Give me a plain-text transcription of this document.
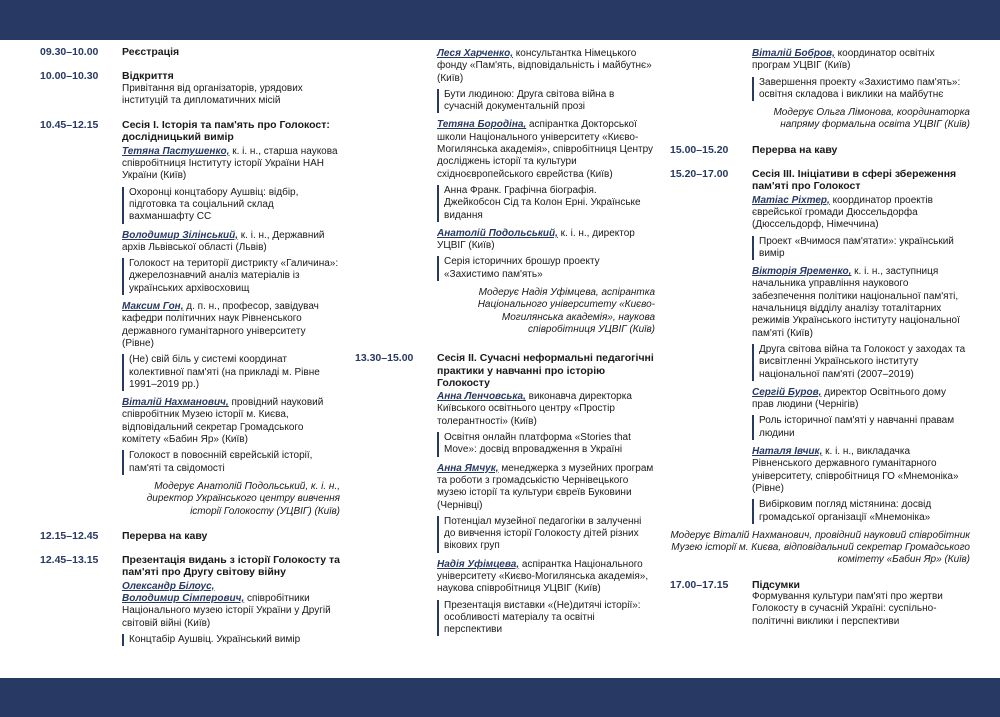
09.30–10.00 Реєстрація
10.00–10.30 Відкриття
Привітання від організаторів, урядових інституцій та дипломатичних місій
10.45–12.15 Сесія І. Історія та пам'ять про Голокост: дослідницький вимір
Тетяна Пастушенко, к. і. н., старша наукова співробітниця Інституту історії України НАН України (Київ)
Охоронці концтабору Аушвіц: відбір, підготовка та соціальний склад вахманшафту СС
Володимир Зілінський, к. і. н., Державний архів Львівської області (Львів)
Голокост на території дистрикту «Галичина»: джерелознавчий аналіз матеріалів із українських архівосховищ
Максим Гон, д. п. н., професор, завідувач кафедри політичних наук Рівненського державного гуманітарного університету (Рівне)
(Не) свій біль у системі координат колективної пам'яті (на прикладі м. Рівне 1991–2019 рр.)
Віталій Нахманович, провідний науковий співробітник Музею історії м. Києва, відповідальний секретар Громадського комітету «Бабин Яр» (Київ)
Голокост в повоєнній єврейській історії, пам'яті та свідомості
Модерує Анатолій Подольський, к. і. н., директор Українського центру вивчення історії Голокосту (УЦВІГ) (Київ)
12.15–12.45 Перерва на каву
12.45–13.15 Презентація видань з історії Голокосту та пам'яті про Другу світову війну
Олександр Білоус,
Володимир Сімперович, співробітники Національного музею історії України у Другій світовій війні (Київ)
Концтабір Аушвіц. Український вимір
Леся Харченко, консультантка Німецького фонду «Пам'ять, відповідальність і майбутнє» (Київ)
Бути людиною: Друга світова війна в сучасній документальній прозі
Тетяна Бородіна, аспірантка Докторської школи Національного університету «Києво-Могилянська академія», співробітниця Центру досліджень історії та культури східноєвропейського єврейства (Київ)
Анна Франк. Графічна біографія. Джейкобсон Сід та Колон Ерні. Українське видання
Анатолій Подольський, к. і. н., директор УЦВІГ (Київ)
Серія історичних брошур проекту «Захистимо пам'ять»
Модерує Надія Уфімцева, аспірантка Національного університету «Києво-Могилянська академія», наукова співробітниця УЦВІГ (Київ)
13.30–15.00 Сесія ІІ. Сучасні неформальні педагогічні практики у навчанні про історію Голокосту
Анна Ленчовська, виконавча директорка Київського освітнього центру «Простір толерантності» (Київ)
Освітня онлайн платформа «Stories that Move»: досвід впровадження в Україні
Анна Ямчук, менеджерка з музейних програм та роботи з громадськістю Чернівецького музею історії та культури євреїв Буковини (Чернівці)
Потенціал музейної педагогіки в залученні до вивчення історії Голокосту дітей різних вікових груп
Надія Уфімцева, аспірантка Національного університету «Києво-Могилянська академія», наукова співробітниця УЦВІГ (Київ)
Презентація виставки «(Не)дитячі історії»: особливості матеріалу та освітні перспективи
Віталій Бобров, координатор освітніх програм УЦВІГ (Київ)
Завершення проекту «Захистимо пам'ять»: освітня складова і виклики на майбутнє
Модерує Ольга Лімонова, координаторка напряму формальна освіта УЦВІГ (Київ)
15.00–15.20 Перерва на каву
15.20–17.00 Сесія ІІІ. Ініціативи в сфері збереження пам'яті про Голокост
Матіас Ріхтер, координатор проектів єврейської громади Дюссельдорфа (Дюссельдорф, Німеччина)
Проект «Вчимося пам'ятати»: український вимір
Вікторія Яременко, к. і. н., заступниця начальника управління наукового забезпечення політики національної пам'яті, начальниця відділу аналізу тоталітарних режимів Українського інституту національної пам'яті (Київ)
Друга світова війна та Голокост у заходах та висвітленні Українського інституту національної пам'яті (2007–2019)
Сергій Буров, директор Освітнього дому прав людини (Чернігів)
Роль історичної пам'яті у навчанні правам людини
Наталя Івчик, к. і. н., викладачка Рівненського державного гуманітарного університету, співробітниця ГО «Мнемоніка» (Рівне)
Вибірковим погляд містянина: досвід громадської організації «Мнемоніка»
Модерує Віталій Нахманович, провідний науковий співробітник Музею історії м. Києва, відповідальний секретар Громадського комітету «Бабин Яр» (Київ)
17.00–17.15 Підсумки
Формування культури пам'яті про жертви Голокосту в сучасній Україні: суспільно-політичні виклики і перспективи
